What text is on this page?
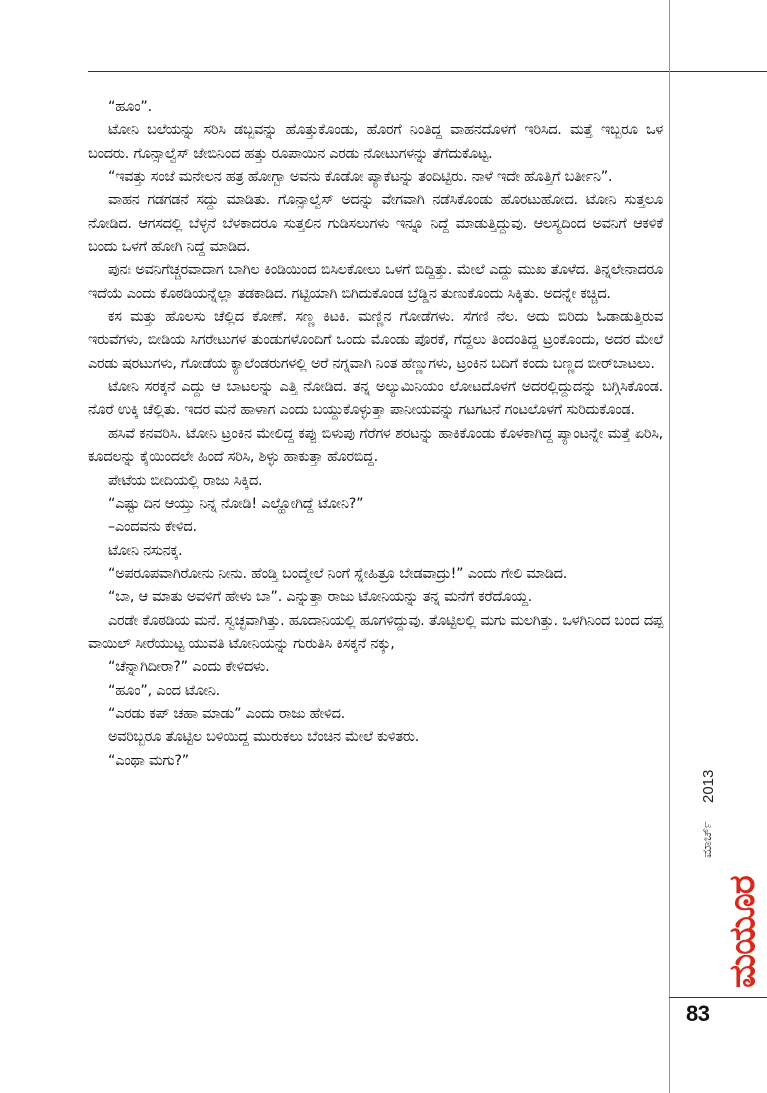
“ಹೂಂ”.

ಟೋನಿ ಬಲೆಯನ್ನು ಸರಿಸಿ ಡಬ್ಬವನ್ನು ಹೊತ್ತುಕೊಂಡು, ಹೊರಗೆ ನಿಂತಿದ್ದ ವಾಹನದೊಳಗೆ ಇರಿಸಿದ. ಮತ್ತೆ ಇಬ್ಬರೂ ಒಳ ಬಂದರು. ಗೊನ್ಸಾಲ್ವೆಸ್ ಜೇಬಿನಿಂದ ಹತ್ತು ರೂಪಾಯಿನ ಎರಡು ನೋಟುಗಳನ್ನು ತೆಗೆದುಕೊಟ್ಟ.

“ಇವತ್ತು ಸಂಜೆ ಮನೇಲನ ಹತ್ರ ಹೋಗ್ಬಾ ಅವನು ಕೊಡೋ ಪ್ಯಾಕೆಟನ್ನು ತಂದಿಟ್ಟಿರು. ನಾಳೆ ಇದೇ ಹೊತ್ತಿಗೆ ಬರ್ತೀನಿ”.

ವಾಹನ ಗಡಗಡನೆ ಸದ್ದು ಮಾಡಿತು. ಗೊನ್ಸಾಲ್ವೆಸ್ ಅದನ್ನು ವೇಗವಾಗಿ ನಡೆಸಿಕೊಂಡು ಹೊರಟುಹೋದ. ಟೋನಿ ಸುತ್ತಲೂ ನೋಡಿದ. ಆಗಸದಲ್ಲಿ ಬೆಳ್ಳನೆ ಬೆಳಕಾದರೂ ಸುತ್ತಲಿನ ಗುಡಿಸಲುಗಳು ಇನ್ನೂ ನಿದ್ದೆ ಮಾಡುತ್ತಿದ್ದುವು. ಆಲಸ್ಯದಿಂದ ಅವನಿಗೆ ಆಕಳಿಕೆ ಬಂದು ಒಳಗೆ ಹೋಗಿ ನಿದ್ದೆ ಮಾಡಿದ.

ಪುನಃ ಅವನಿಗೆಚ್ಚರವಾದಾಗ ಬಾಗಿಲ ಕಿಂಡಿಯಿಂದ ಬಿಸಿಲಕೋಲು ಒಳಗೆ ಬಿದ್ದಿತ್ತು. ಮೇಲೆ ಎದ್ದು ಮುಖ ತೊಳೆದ. ತಿನ್ನಲೇನಾದರೂ ಇದೆಯೆ ಎಂದು ಕೊಠಡಿಯನ್ನೆಲ್ಲಾ ತಡಕಾಡಿದ. ಗಟ್ಟಿಯಾಗಿ ಬಿಗಿದುಕೊಂಡ ಬ್ರೆಡ್ಡಿನ ತುಣುಕೊಂದು ಸಿಕ್ಕಿತು. ಅದನ್ನೇ ಕಚ್ಚಿದ.

ಕಸ ಮತ್ತು ಹೊಲಸು ಚೆಲ್ಲಿದ ಕೋಣೆ. ಸಣ್ಣ ಕಿಟಕಿ. ಮಣ್ಣಿನ ಗೋಡೆಗಳು. ಸೆಗಣಿ ನೆಲ. ಅದು ಬಿರಿದು ಓಡಾಡುತ್ತಿರುವ ಇರುವೆಗಳು, ಬೀಡಿಯ ಸಿಗರೇಟುಗಳ ತುಂಡುಗಳೊಂದಿಗೆ ಒಂದು ಮೊಂಡು ಪೊರಕೆ, ಗೆದ್ದಲು ತಿಂದಂತಿದ್ದ ಟ್ರಂಕೊಂದು, ಅದರ ಮೇಲೆ ಎರಡು ಷರಟುಗಳು, ಗೋಡೆಯ ಕ್ಯಾಲೆಂಡರುಗಳಲ್ಲಿ ಅರೆ ನಗ್ನವಾಗಿ ನಿಂತ ಹೆಣ್ಣುಗಳು, ಟ್ರಂಕಿನ ಬದಿಗೆ ಕಂದು ಬಣ್ಣದ ಬೀರ್‌ಬಾಟಲು.

ಟೋನಿ ಸರಕ್ಕನೆ ಎದ್ದು ಆ ಬಾಟಲನ್ನು ಎತ್ತಿ ನೋಡಿದ. ತನ್ನ ಅಲ್ಯುಮಿನಿಯಂ ಲೋಟದೊಳಗೆ ಅದರಲ್ಲಿದ್ದುದನ್ನು ಬಗ್ಗಿಸಿಕೊಂಡ. ನೊರೆ ಉಕ್ಕಿ ಚೆಲ್ಲಿತು. ಇದರ ಮನೆ ಹಾಳಾಗ ಎಂದು ಬಯ್ದುಕೊಳ್ಳುತ್ತಾ ಪಾನೀಯವನ್ನು ಗಟಗಟನೆ ಗಂಟಲೊಳಗೆ ಸುರಿದುಕೊಂಡ.

ಹಸಿವೆ ಕನವರಿಸಿ. ಟೋನಿ ಟ್ರಂಕಿನ ಮೇಲಿದ್ದ ಕಪ್ಪು ಬಿಳುಪು ಗೆರೆಗಳ ಶರಟನ್ನು ಹಾಕಿಕೊಂಡು ಕೊಳಕಾಗಿದ್ದ ಪ್ಯಾಂಟನ್ನೇ ಮತ್ತೆ ಏರಿಸಿ, ಕೂದಲನ್ನು ಕೈಯಿಂದಲೇ ಹಿಂದೆ ಸರಿಸಿ, ಶಿಳ್ಳು ಹಾಕುತ್ತಾ ಹೊರಬಿದ್ದ.

ಪೇಟೆಯ ಬೀದಿಯಲ್ಲಿ ರಾಜು ಸಿಕ್ಕಿದ.

“ಎಷ್ಟು ದಿನ ಆಯ್ತು ನಿನ್ನ ನೋಡಿ! ಎಲ್ಹೋಗಿದ್ದೆ ಟೋನಿ?”

–ಎಂದವನು ಕೇಳಿದ.

ಟೋನಿ ನಸುನಕ್ಕ.

“ಅಪರೂಪವಾಗಿರೋನು ನೀನು. ಹೆಂಡ್ತಿ ಬಂದ್ಮೇಲೆ ನಿಂಗೆ ಸ್ನೇಹಿತ್ರೂ ಬೇಡವಾದ್ರು!” ಎಂದು ಗೇಲಿ ಮಾಡಿದ.

“ಬಾ, ಆ ಮಾತು ಅವಳಿಗೆ ಹೇಳು ಬಾ”. ಎನ್ನುತ್ತಾ ರಾಜು ಟೋನಿಯನ್ನು ತನ್ನ ಮನೆಗೆ ಕರೆದೊಯ್ದ.

ಎರಡೇ ಕೊಠಡಿಯ ಮನೆ. ಸ್ವಚ್ಛವಾಗಿತ್ತು. ಹೂದಾನಿಯಲ್ಲಿ ಹೂಗಳಿದ್ದುವು. ತೊಟ್ಟಿಲಲ್ಲಿ ಮಗು ಮಲಗಿತ್ತು. ಒಳಗಿನಿಂದ ಬಂದ ದಪ್ಪ ವಾಯಿಲ್ ಸೀರೆಯುಟ್ಟ ಯುವತಿ ಟೋನಿಯನ್ನು ಗುರುತಿಸಿ ಕಿಸಕ್ಕನೆ ನಕ್ಕು,

“ಚೆನ್ನಾಗಿದೀರಾ?” ಎಂದು ಕೇಳಿದಳು.

“ಹೂಂ”, ಎಂದ ಟೋನಿ.

“ಎರಡು ಕಪ್ ಚಹಾ ಮಾಡು” ಎಂದು ರಾಜು ಹೇಳಿದ.

ಅವರಿಬ್ಬರೂ ತೊಟ್ಟಿಲ ಬಳಿಯಿದ್ದ ಮುರುಕಲು ಬೆಂಚಿನ ಮೇಲೆ ಕುಳಿತರು.

“ಎಂಥಾ ಮಗು?”

2013
ಮಾರ್ಚ್
ಮಯೂರ
83
